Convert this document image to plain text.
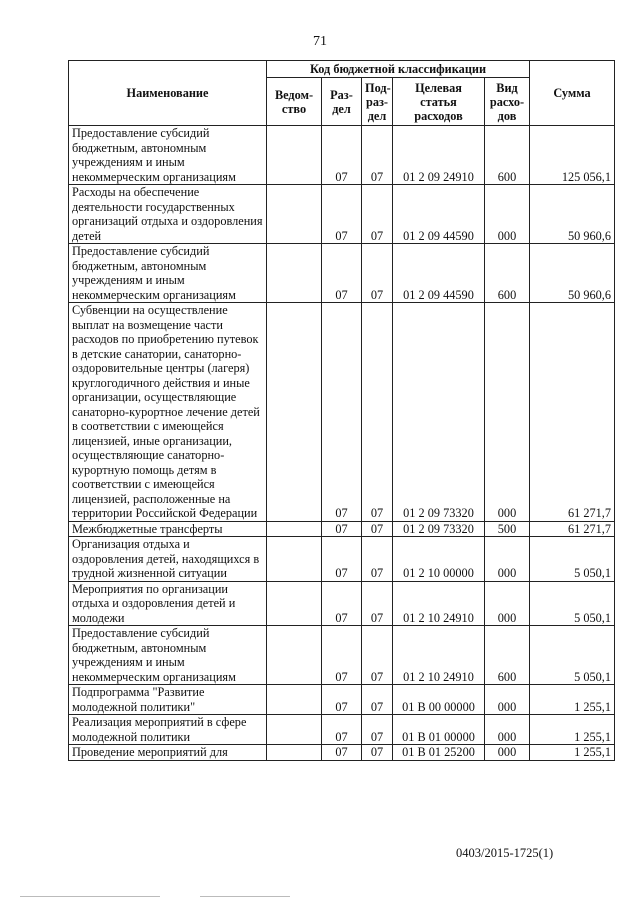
71
Наименование	Код бюджетной классификации					Сумма
	Ведом-ство	Раз-дел	Под-раз-дел	Целевая статья расходов	Вид расхо-дов	
Предоставление субсидий бюджетным, автономным учреждениям и иным некоммерческим организациям		07	07	01 2 09 24910	600	125 056,1
Расходы на обеспечение деятельности государственных организаций отдыха и оздоровления детей		07	07	01 2 09 44590	000	50 960,6
Предоставление субсидий бюджетным, автономным учреждениям и иным некоммерческим организациям		07	07	01 2 09 44590	600	50 960,6
Субвенции на осуществление выплат на возмещение части расходов по приобретению путевок в детские санатории, санаторно-оздоровительные центры (лагеря) круглогодичного действия и иные организации, осуществляющие санаторно-курортное лечение детей в соответствии с имеющейся лицензией, иные организации, осуществляющие санаторно-курортную помощь детям в соответствии с имеющейся лицензией, расположенные на территории Российской Федерации		07	07	01 2 09 73320	000	61 271,7
Межбюджетные трансферты		07	07	01 2 09 73320	500	61 271,7
Организация отдыха и оздоровления детей, находящихся в трудной жизненной ситуации		07	07	01 2 10 00000	000	5 050,1
Мероприятия по организации отдыха и оздоровления детей и молодежи		07	07	01 2 10 24910	000	5 050,1
Предоставление субсидий бюджетным, автономным учреждениям и иным некоммерческим организациям		07	07	01 2 10 24910	600	5 050,1
Подпрограмма "Развитие молодежной политики"		07	07	01 В 00 00000	000	1 255,1
Реализация мероприятий в сфере молодежной политики		07	07	01 В 01 00000	000	1 255,1
Проведение мероприятий для		07	07	01 В 01 25200	000	1 255,1
0403/2015-1725(1)
